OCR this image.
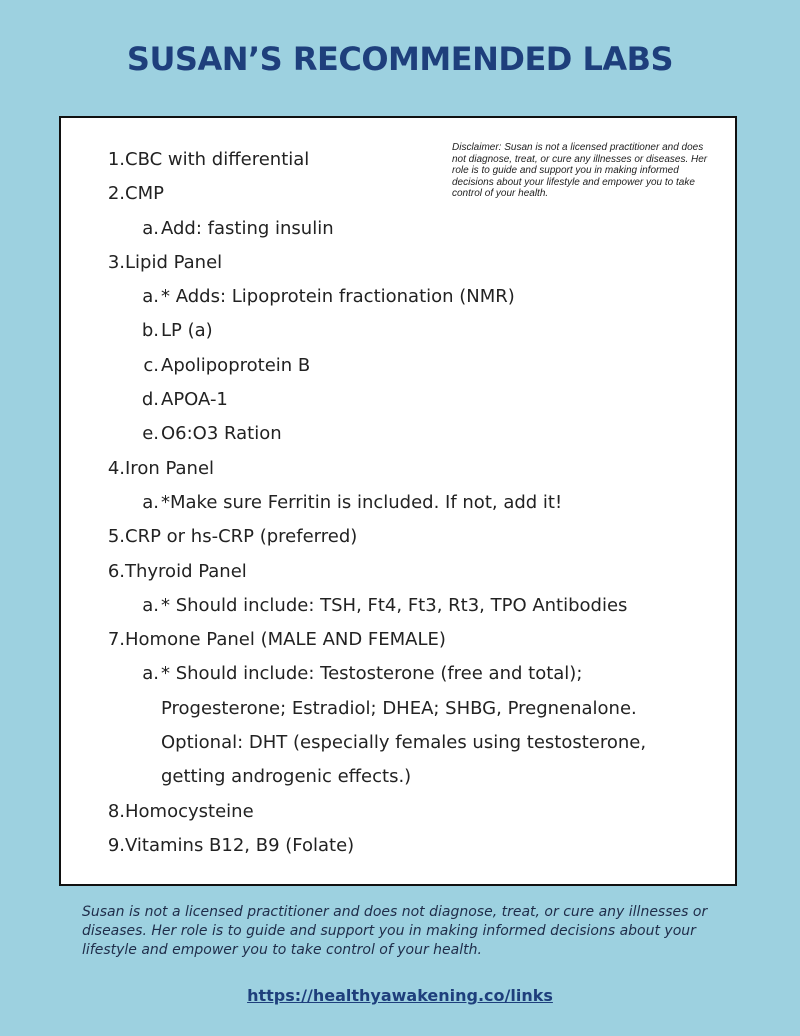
SUSAN’S RECOMMENDED LABS

Disclaimer: Susan is not a licensed practitioner and does not diagnose, treat, or cure any illnesses or diseases. Her role is to guide and support you in making informed decisions about your lifestyle and empower you to take control of your health.

1. CBC with differential
2. CMP
a. Add: fasting insulin
3. Lipid Panel
a. * Adds: Lipoprotein fractionation (NMR)
b. LP (a)
c. Apolipoprotein B
d. APOA-1
e. O6:O3 Ration
4. Iron Panel
a. *Make sure Ferritin is included. If not, add it!
5. CRP or hs-CRP (preferred)
6. Thyroid Panel
a. * Should include: TSH, Ft4, Ft3, Rt3, TPO Antibodies
7. Homone Panel (MALE AND FEMALE)
a. * Should include: Testosterone (free and total);
Progesterone; Estradiol; DHEA; SHBG, Pregnenalone.
Optional: DHT (especially females using testosterone,
getting androgenic effects.)
8. Homocysteine
9. Vitamins B12, B9 (Folate)

Susan is not a licensed practitioner and does not diagnose, treat, or cure any illnesses or diseases. Her role is to guide and support you in making informed decisions about your lifestyle and empower you to take control of your health.

https://healthyawakening.co/links
